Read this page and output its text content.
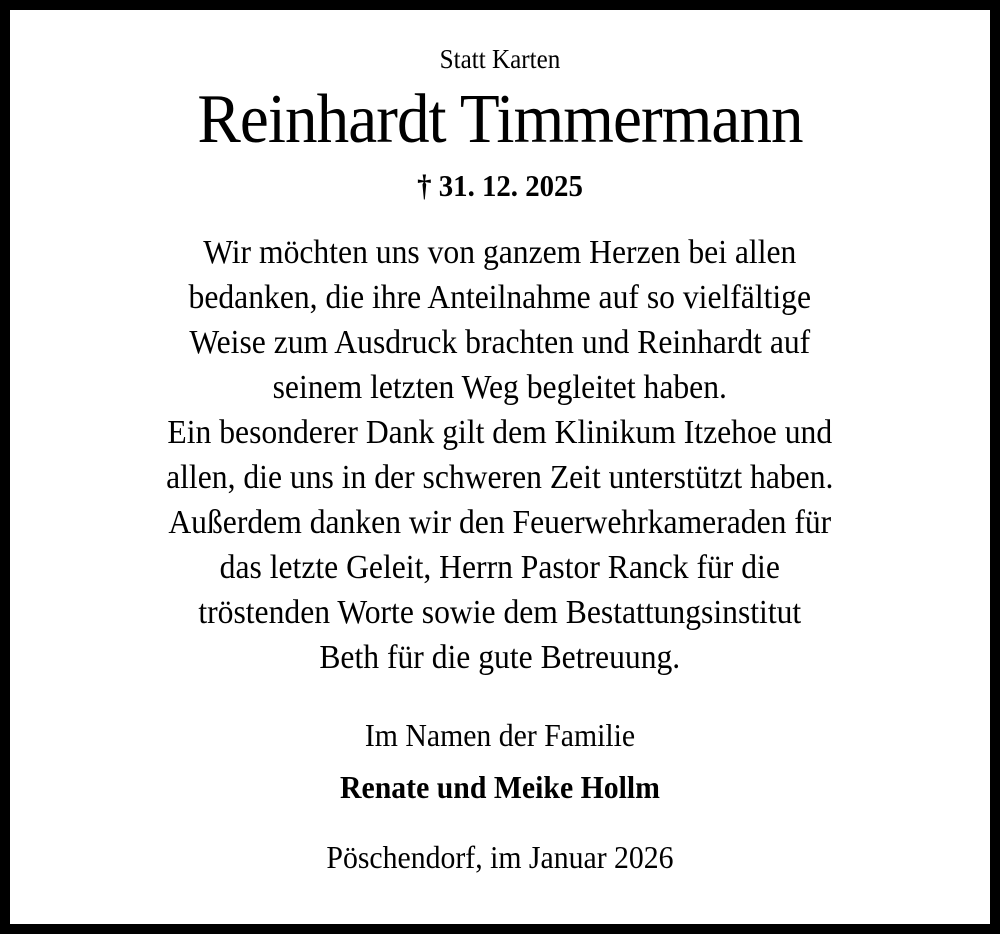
Statt Karten
Reinhardt Timmermann
† 31. 12. 2025
Wir möchten uns von ganzem Herzen bei allen
bedanken, die ihre Anteilnahme auf so vielfältige
Weise zum Ausdruck brachten und Reinhardt auf
seinem letzten Weg begleitet haben.
Ein besonderer Dank gilt dem Klinikum Itzehoe und
allen, die uns in der schweren Zeit unterstützt haben.
Außerdem danken wir den Feuerwehrkameraden für
das letzte Geleit, Herrn Pastor Ranck für die
tröstenden Worte sowie dem Bestattungsinstitut
Beth für die gute Betreuung.
Im Namen der Familie
Renate und Meike Hollm
Pöschendorf, im Januar 2026
